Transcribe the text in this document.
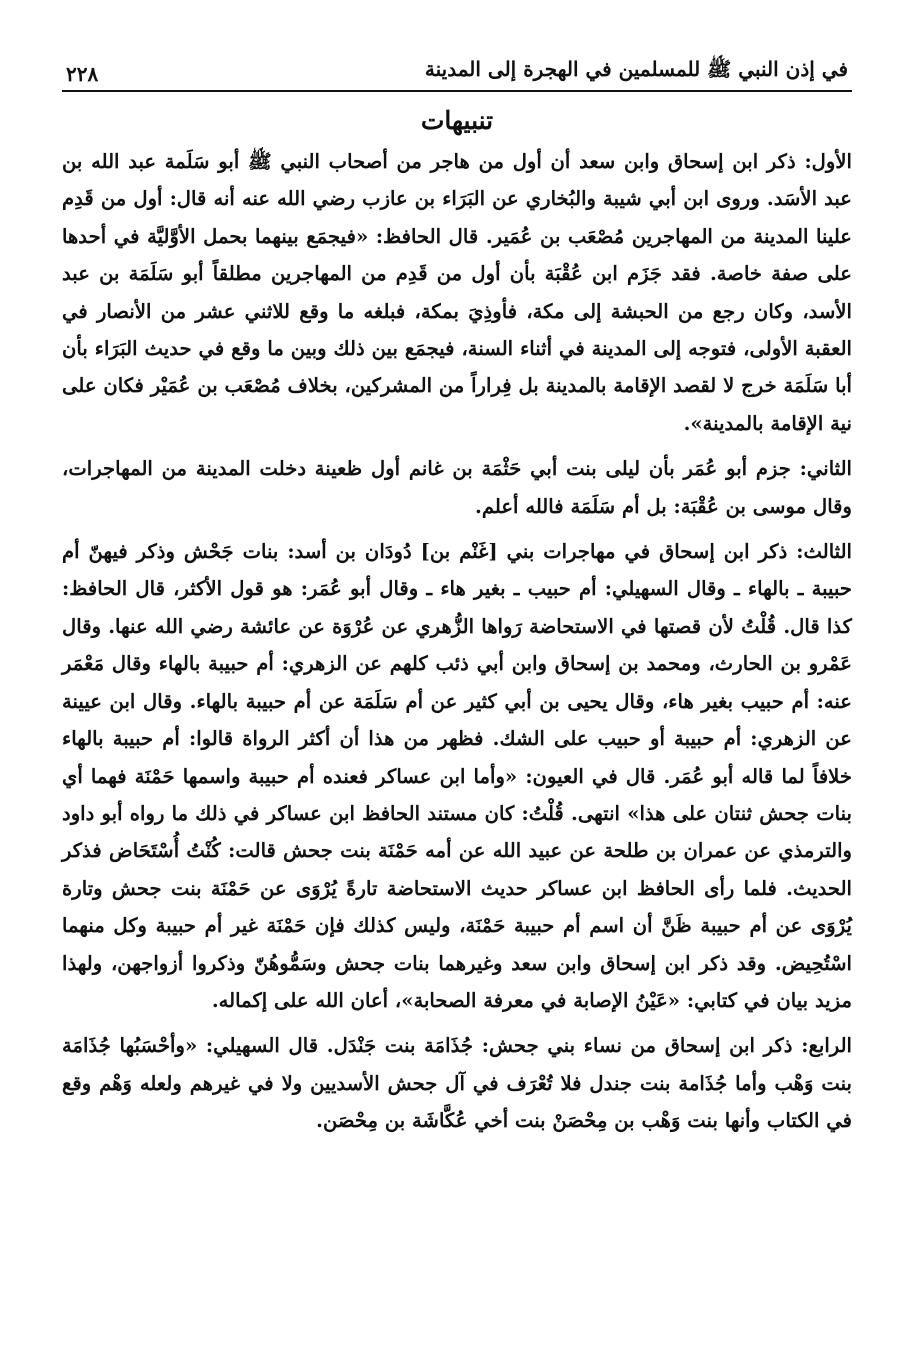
في إذن النبي ﷺ للمسلمين في الهجرة إلى المدينة
٢٢٨
تنبيهات

الأول: ذكر ابن إسحاق وابن سعد أن أول من هاجر من أصحاب النبي ﷺ أبو سَلَمة عبد الله بن عبد الأسَد. وروى ابن أبي شيبة والبُخاري عن البَرَاء بن عازب رضي الله عنه أنه قال: أول من قَدِم علينا المدينة من المهاجرين مُصْعَب بن عُمَير. قال الحافظ: «فيجمَع بينهما بحمل الأوَّليَّة في أحدها على صفة خاصة. فقد جَزَم ابن عُقْبَة بأن أول من قَدِم من المهاجرين مطلقاً أبو سَلَمَة بن عبد الأسد، وكان رجع من الحبشة إلى مكة، فأوذِيَ بمكة، فبلغه ما وقع للاثني عشر من الأنصار في العقبة الأولى، فتوجه إلى المدينة في أثناء السنة، فيجمَع بين ذلك وبين ما وقع في حديث البَرَاء بأن أبا سَلَمَة خرج لا لقصد الإقامة بالمدينة بل فِراراً من المشركين، بخلاف مُصْعَب بن عُمَيْر فكان على نية الإقامة بالمدينة».

الثاني: جزم أبو عُمَر بأن ليلى بنت أبي حَثْمَة بن غانم أول ظعينة دخلت المدينة من المهاجرات، وقال موسى بن عُقْبَة: بل أم سَلَمَة فالله أعلم.

الثالث: ذكر ابن إسحاق في مهاجرات بني [غَنْم بن] دُودَان بن أسد: بنات جَحْش وذكر فيهنّ أم حبيبة ـ بالهاء ـ وقال السهيلي: أم حبيب ـ بغير هاء ـ وقال أبو عُمَر: هو قول الأكثر، قال الحافظ: كذا قال. قُلْتُ لأن قصتها في الاستحاضة رَواها الزُّهري عن عُرْوَة عن عائشة رضي الله عنها. وقال عَمْرو بن الحارث، ومحمد بن إسحاق وابن أبي ذئب كلهم عن الزهري: أم حبيبة بالهاء وقال مَعْمَر عنه: أم حبيب بغير هاء، وقال يحيى بن أبي كثير عن أم سَلَمَة عن أم حبيبة بالهاء. وقال ابن عيينة عن الزهري: أم حبيبة أو حبيب على الشك. فظهر من هذا أن أكثر الرواة قالوا: أم حبيبة بالهاء خلافاً لما قاله أبو عُمَر. قال في العيون: «وأما ابن عساكر فعنده أم حبيبة واسمها حَمْنَة فهما أي بنات جحش ثنتان على هذا» انتهى. قُلْتُ: كان مستند الحافظ ابن عساكر في ذلك ما رواه أبو داود والترمذي عن عمران بن طلحة عن عبيد الله عن أمه حَمْنَة بنت جحش قالت: كُنْتُ أُسْتَحَاض فذكر الحديث. فلما رأى الحافظ ابن عساكر حديث الاستحاضة تارةً يُرْوَى عن حَمْنَة بنت جحش وتارة يُرْوَى عن أم حبيبة ظَنَّ أن اسم أم حبيبة حَمْنَة، وليس كذلك فإن حَمْنَة غير أم حبيبة وكل منهما اسْتُحِيض. وقد ذكر ابن إسحاق وابن سعد وغيرهما بنات جحش وسَمُّوهُنّ وذكروا أزواجهن، ولهذا مزيد بيان في كتابي: «عَيْنُ الإصابة في معرفة الصحابة»، أعان الله على إكماله.

الرابع: ذكر ابن إسحاق من نساء بني جحش: جُذَامَة بنت جَنْدَل. قال السهيلي: «وأحْسَبُها جُذَامَة بنت وَهْب وأما جُذَامة بنت جندل فلا تُعْرَف في آل جحش الأسديين ولا في غيرهم ولعله وَهْم وقع في الكتاب وأنها بنت وَهْب بن مِحْصَنْ بنت أخي عُكَّاشَة بن مِحْصَن.
